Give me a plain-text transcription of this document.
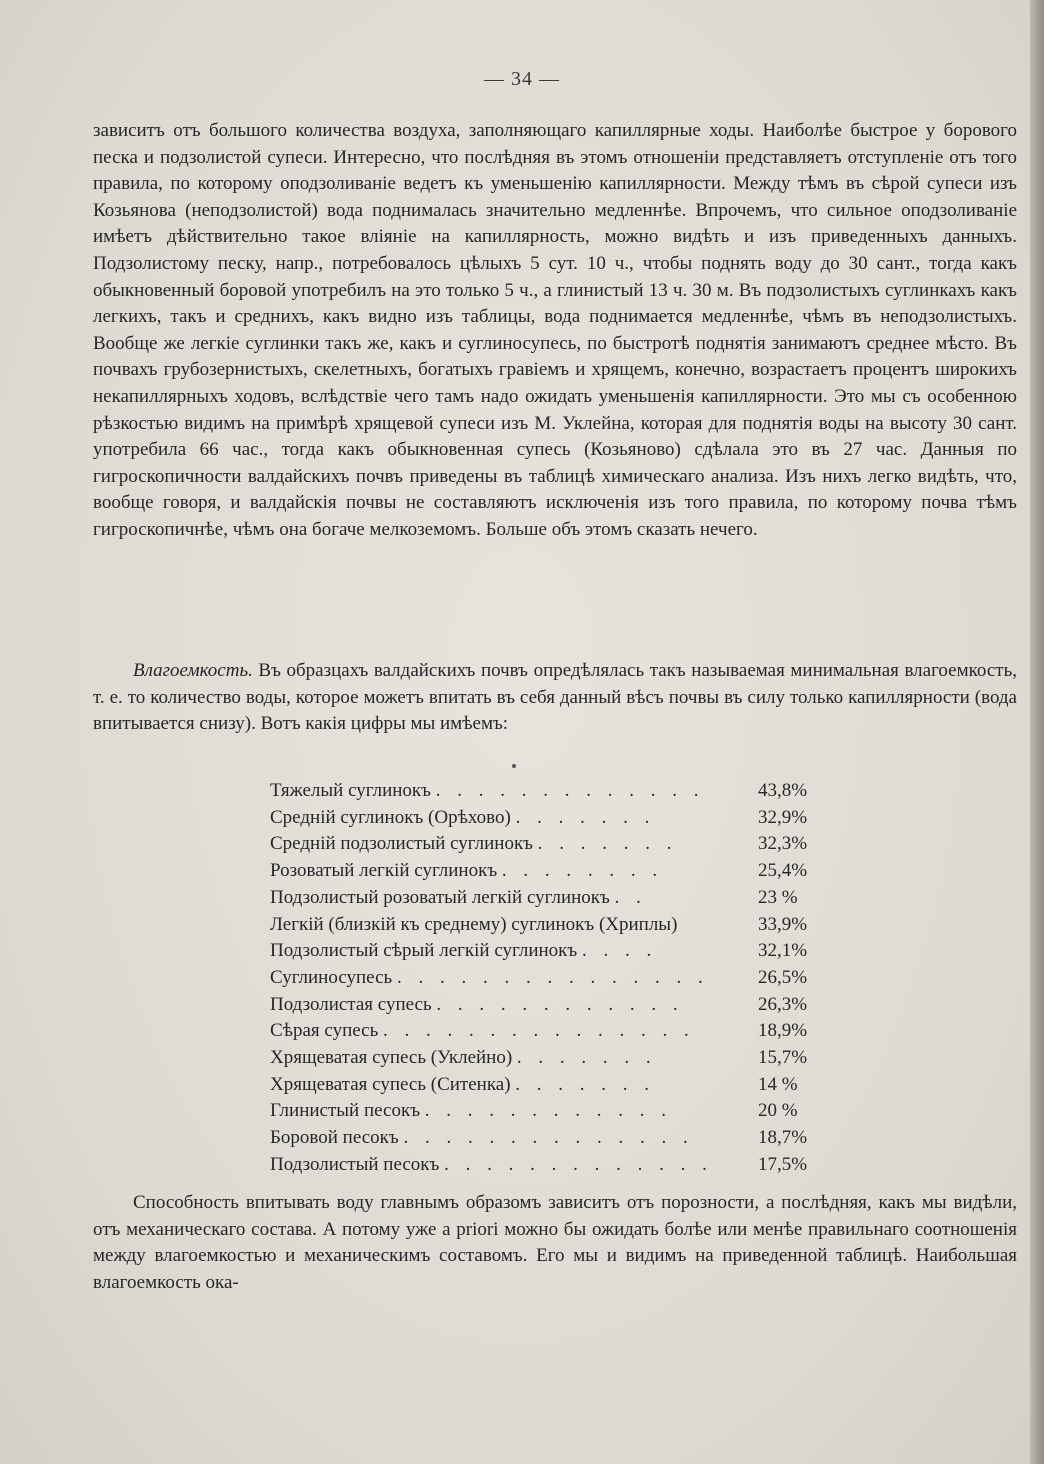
— 34 —

зависитъ отъ большого количества воздуха, заполняющаго капиллярные ходы. Наиболѣе быстрое у борового песка и подзолистой супеси. Интересно, что послѣдняя въ этомъ отношеніи представляетъ отступленіе отъ того правила, по которому оподзоливаніе ведетъ къ уменьшенію капиллярности. Между тѣмъ въ сѣрой супеси изъ Козьянова (неподзолистой) вода поднималась значительно медленнѣе. Впрочемъ, что сильное оподзоливаніе имѣетъ дѣйствительно такое вліяніе на капиллярность, можно видѣть и изъ приведенныхъ данныхъ. Подзолистому песку, напр., потребовалось цѣлыхъ 5 сут. 10 ч., чтобы поднять воду до 30 сант., тогда какъ обыкновенный боровой употребилъ на это только 5 ч., а глинистый 13 ч. 30 м. Въ подзолистыхъ суглинкахъ какъ легкихъ, такъ и среднихъ, какъ видно изъ таблицы, вода поднимается медленнѣе, чѣмъ въ неподзолистыхъ. Вообще же легкіе суглинки такъ же, какъ и суглиносупесь, по быстротѣ поднятія занимаютъ среднее мѣсто. Въ почвахъ грубозернистыхъ, скелетныхъ, богатыхъ гравіемъ и хрящемъ, конечно, возрастаетъ процентъ широкихъ некапиллярныхъ ходовъ, вслѣдствіе чего тамъ надо ожидать уменьшенія капиллярности. Это мы съ особенною рѣзкостью видимъ на примѣрѣ хрящевой супеси изъ М. Уклейна, которая для поднятія воды на высоту 30 сант. употребила 66 час., тогда какъ обыкновенная супесь (Козьяново) сдѣлала это въ 27 час. Данныя по гигроскопичности валдайскихъ почвъ приведены въ таблицѣ химическаго анализа. Изъ нихъ легко видѣть, что, вообще говоря, и валдайскія почвы не составляютъ исключенія изъ того правила, по которому почва тѣмъ гигроскопичнѣе, чѣмъ она богаче мелкоземомъ. Больше объ этомъ сказать нечего.

Влагоемкость. Въ образцахъ валдайскихъ почвъ опредѣлялась такъ называемая минимальная влагоемкость, т. е. то количество воды, которое можетъ впитать въ себя данный вѣсъ почвы въ силу только капиллярности (вода впитывается снизу). Вотъ какія цифры мы имѣемъ:

Тяжелый суглинокъ . . . . . . . . . . . . .	43,8%
Средній суглинокъ (Орѣхово) . . . . . . .	32,9%
Средній подзолистый суглинокъ . . . . . . .	32,3%
Розоватый легкій суглинокъ . . . . . . . .	25,4%
Подзолистый розоватый легкій суглинокъ . .	23 %
Легкій (близкій къ среднему) суглинокъ (Хриплы)	33,9%
Подзолистый сѣрый легкій суглинокъ . . . .	32,1%
Суглиносупесь . . . . . . . . . . . . . . .	26,5%
Подзолистая супесь . . . . . . . . . . . .	26,3%
Сѣрая супесь . . . . . . . . . . . . . . .	18,9%
Хрящеватая супесь (Уклейно) . . . . . . .	15,7%
Хрящеватая супесь (Ситенка) . . . . . . .	14 %
Глинистый песокъ . . . . . . . . . . . .	20 %
Боровой песокъ . . . . . . . . . . . . . .	18,7%
Подзолистый песокъ . . . . . . . . . . . . .	17,5%

Способность впитывать воду главнымъ образомъ зависитъ отъ порозности, а послѣдняя, какъ мы видѣли, отъ механическаго состава. А потому уже a priori можно бы ожидать болѣе или менѣе правильнаго соотношенія между влагоемкостью и механическимъ составомъ. Его мы и видимъ на приведенной таблицѣ. Наибольшая влагоемкость ока-
